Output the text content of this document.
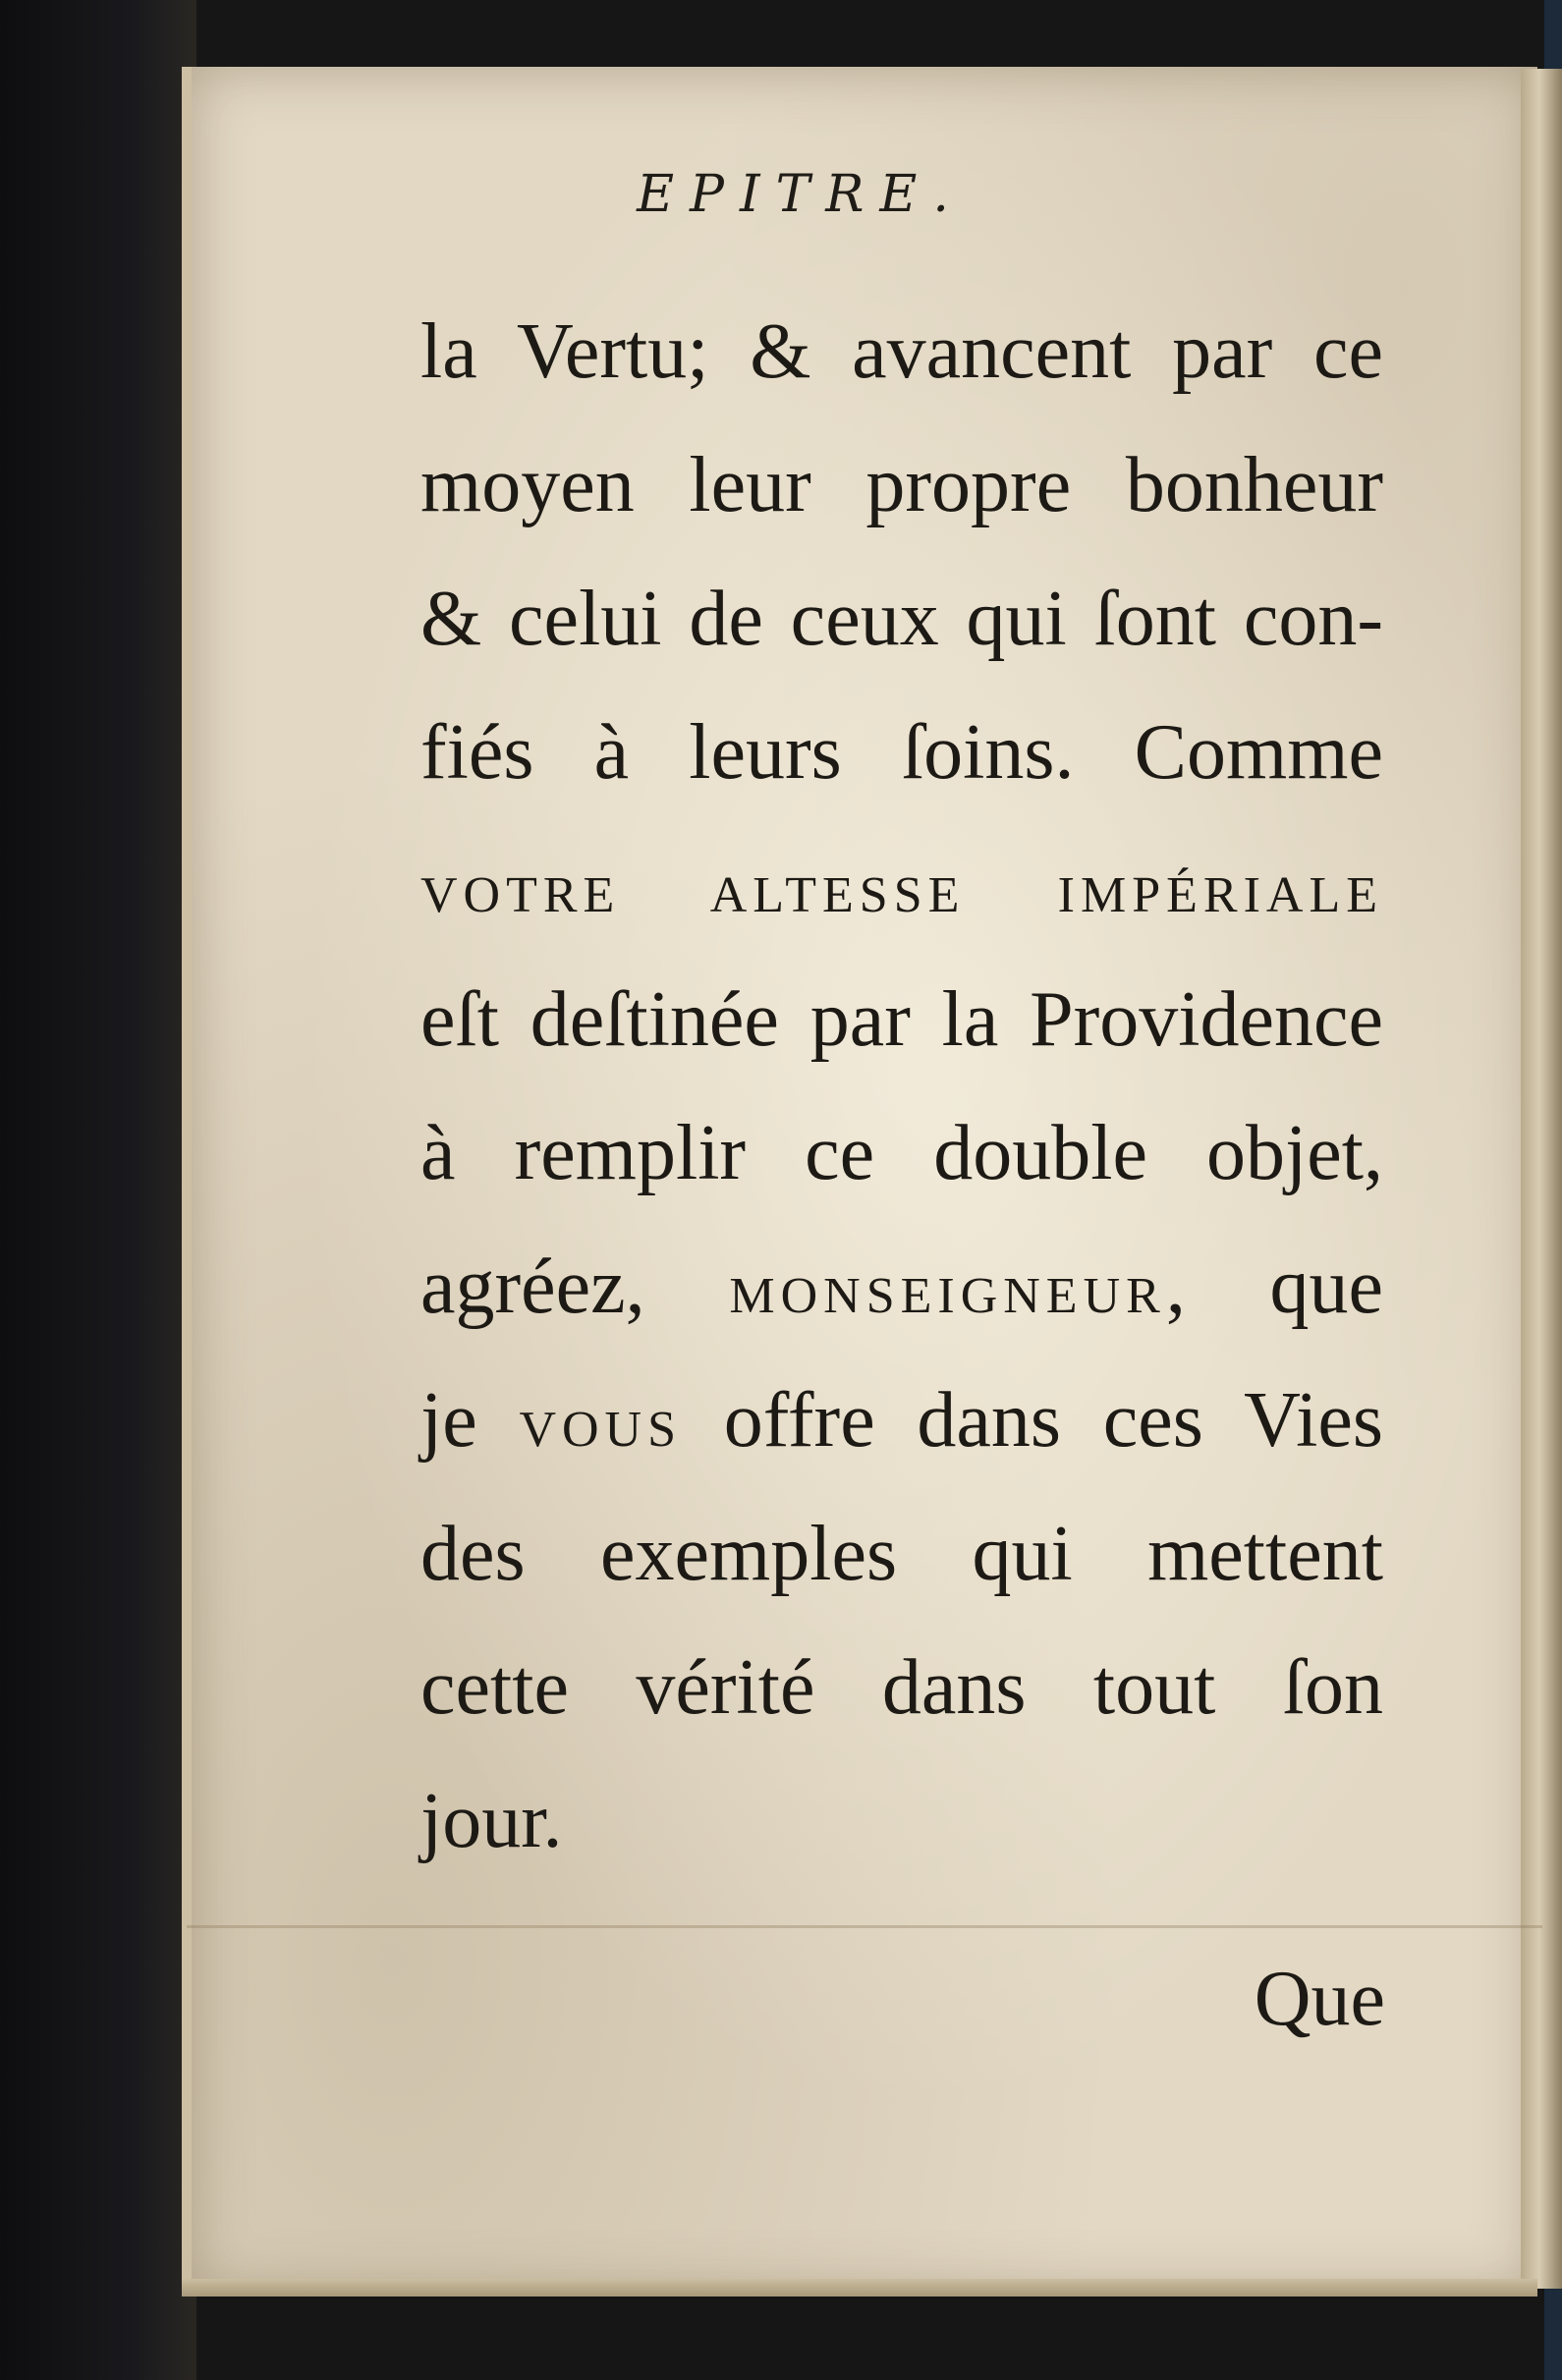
EPITRE.
la Vertu; & avancent par ce
moyen leur propre bonheur
& celui de ceux qui ſont con-
fiés à leurs ſoins. Comme
VOTRE ALTESSE IMPÉRIALE
eſt deſtinée par la Providence
à remplir ce double objet,
agréez, MONSEIGNEUR, que
je VOUS offre dans ces Vies
des exemples qui mettent
cette vérité dans tout ſon
jour.
Que
